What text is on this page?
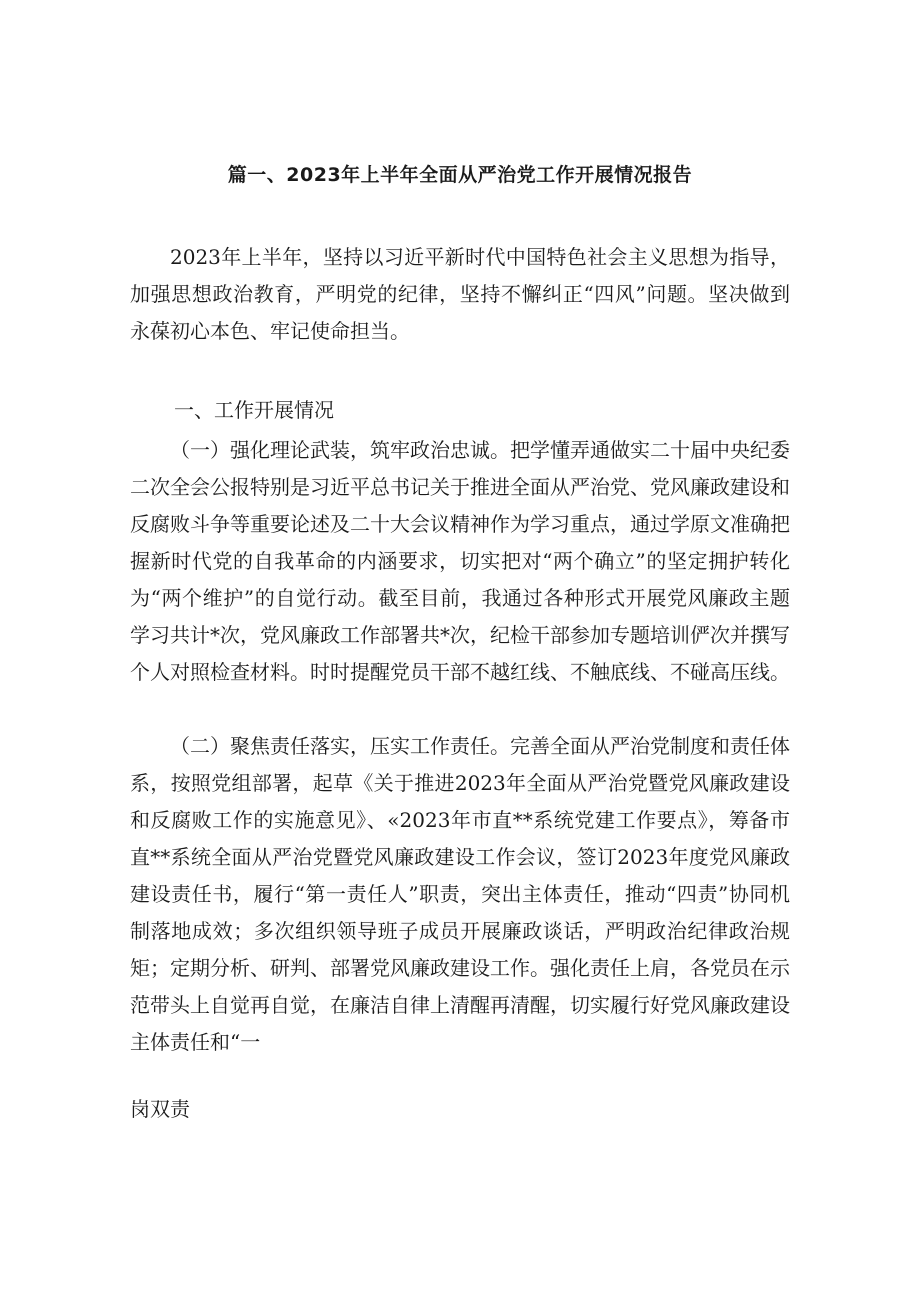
篇一、2023年上半年全面从严治党工作开展情况报告

2023年上半年，坚持以习近平新时代中国特色社会主义思想为指导，加强思想政治教育，严明党的纪律，坚持不懈纠正“四风”问题。坚决做到永葆初心本色、牢记使命担当。

一、工作开展情况

（一）强化理论武装，筑牢政治忠诚。把学懂弄通做实二十届中央纪委二次全会公报特别是习近平总书记关于推进全面从严治党、党风廉政建设和反腐败斗争等重要论述及二十大会议精神作为学习重点，通过学原文准确把握新时代党的自我革命的内涵要求，切实把对“两个确立”的坚定拥护转化为“两个维护”的自觉行动。截至目前，我通过各种形式开展党风廉政主题学习共计*次，党风廉政工作部署共*次，纪检干部参加专题培训俨次并撰写个人对照检查材料。时时提醒党员干部不越红线、不触底线、不碰高压线。

（二）聚焦责任落实，压实工作责任。完善全面从严治党制度和责任体系，按照党组部署，起草《关于推进2023年全面从严治党暨党风廉政建设和反腐败工作的实施意见》、«2023年市直**系统党建工作要点》，筹备市直**系统全面从严治党暨党风廉政建设工作会议，签订2023年度党风廉政建设责任书，履行“第一责任人”职责，突出主体责任，推动“四责”协同机制落地成效；多次组织领导班子成员开展廉政谈话，严明政治纪律政治规矩；定期分析、研判、部署党风廉政建设工作。强化责任上肩，各党员在示范带头上自觉再自觉，在廉洁自律上清醒再清醒，切实履行好党风廉政建设主体责任和“一

岗双责
